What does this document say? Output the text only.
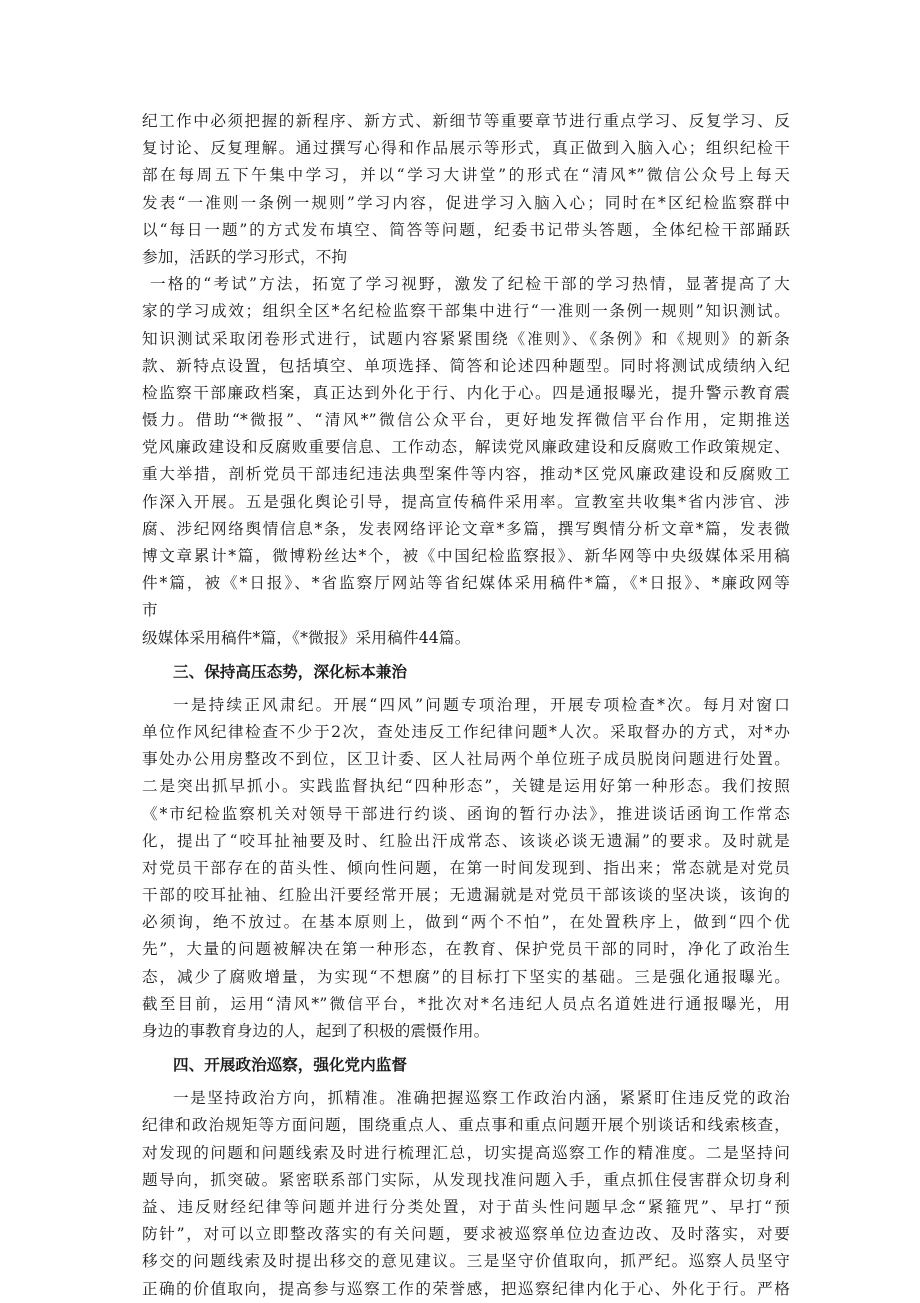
纪工作中必须把握的新程序、新方式、新细节等重要章节进行重点学习、反复学习、反
复讨论、反复理解。通过撰写心得和作品展示等形式，真正做到入脑入心；组织纪检干
部在每周五下午集中学习，并以“学习大讲堂”的形式在“清风*”微信公众号上每天
发表“一准则一条例一规则”学习内容，促进学习入脑入心；同时在*区纪检监察群中
以“每日一题”的方式发布填空、简答等问题，纪委书记带头答题，全体纪检干部踊跃
参加，活跃的学习形式，不拘
一格的“考试”方法，拓宽了学习视野，激发了纪检干部的学习热情，显著提高了大
家的学习成效；组织全区*名纪检监察干部集中进行“一准则一条例一规则”知识测试。
知识测试采取闭卷形式进行，试题内容紧紧围绕《准则》、《条例》和《规则》的新条
款、新特点设置，包括填空、单项选择、简答和论述四种题型。同时将测试成绩纳入纪
检监察干部廉政档案，真正达到外化于行、内化于心。四是通报曝光，提升警示教育震
慑力。借助“*微报”、“清风*”微信公众平台，更好地发挥微信平台作用，定期推送
党风廉政建设和反腐败重要信息、工作动态，解读党风廉政建设和反腐败工作政策规定、
重大举措，剖析党员干部违纪违法典型案件等内容，推动*区党风廉政建设和反腐败工
作深入开展。五是强化舆论引导，提高宣传稿件采用率。宣教室共收集*省内涉官、涉
腐、涉纪网络舆情信息*条，发表网络评论文章*多篇，撰写舆情分析文章*篇，发表微
博文章累计*篇，微博粉丝达*个，被《中国纪检监察报》、新华网等中央级媒体采用稿
件*篇，被《*日报》、*省监察厅网站等省纪媒体采用稿件*篇，《*日报》、*廉政网等
市
级媒体采用稿件*篇，《*微报》采用稿件44篇。
三、保持高压态势，深化标本兼治
一是持续正风肃纪。开展“四风”问题专项治理，开展专项检查*次。每月对窗口
单位作风纪律检查不少于2次，查处违反工作纪律问题*人次。采取督办的方式，对*办
事处办公用房整改不到位，区卫计委、区人社局两个单位班子成员脱岗问题进行处置。
二是突出抓早抓小。实践监督执纪“四种形态”，关键是运用好第一种形态。我们按照
《*市纪检监察机关对领导干部进行约谈、函询的暂行办法》，推进谈话函询工作常态
化，提出了“咬耳扯袖要及时、红脸出汗成常态、该谈必谈无遗漏”的要求。及时就是
对党员干部存在的苗头性、倾向性问题，在第一时间发现到、指出来；常态就是对党员
干部的咬耳扯袖、红脸出汗要经常开展；无遗漏就是对党员干部该谈的坚决谈，该询的
必须询，绝不放过。在基本原则上，做到“两个不怕”，在处置秩序上，做到“四个优
先”，大量的问题被解决在第一种形态，在教育、保护党员干部的同时，净化了政治生
态，减少了腐败增量，为实现“不想腐”的目标打下坚实的基础。三是强化通报曝光。
截至目前，运用“清风*”微信平台，*批次对*名违纪人员点名道姓进行通报曝光，用
身边的事教育身边的人，起到了积极的震慑作用。
四、开展政治巡察，强化党内监督
一是坚持政治方向，抓精准。准确把握巡察工作政治内涵，紧紧盯住违反党的政治
纪律和政治规矩等方面问题，围绕重点人、重点事和重点问题开展个别谈话和线索核查，
对发现的问题和问题线索及时进行梳理汇总，切实提高巡察工作的精准度。二是坚持问
题导向，抓突破。紧密联系部门实际，从发现找准问题入手，重点抓住侵害群众切身利
益、违反财经纪律等问题并进行分类处置，对于苗头性问题早念“紧箍咒”、早打“预
防针”，对可以立即整改落实的有关问题，要求被巡察单位边查边改、及时落实，对要
移交的问题线索及时提出移交的意见建议。三是坚守价值取向，抓严纪。巡察人员坚守
正确的价值取向，提高参与巡察工作的荣誉感，把巡察纪律内化于心、外化于行。严格
